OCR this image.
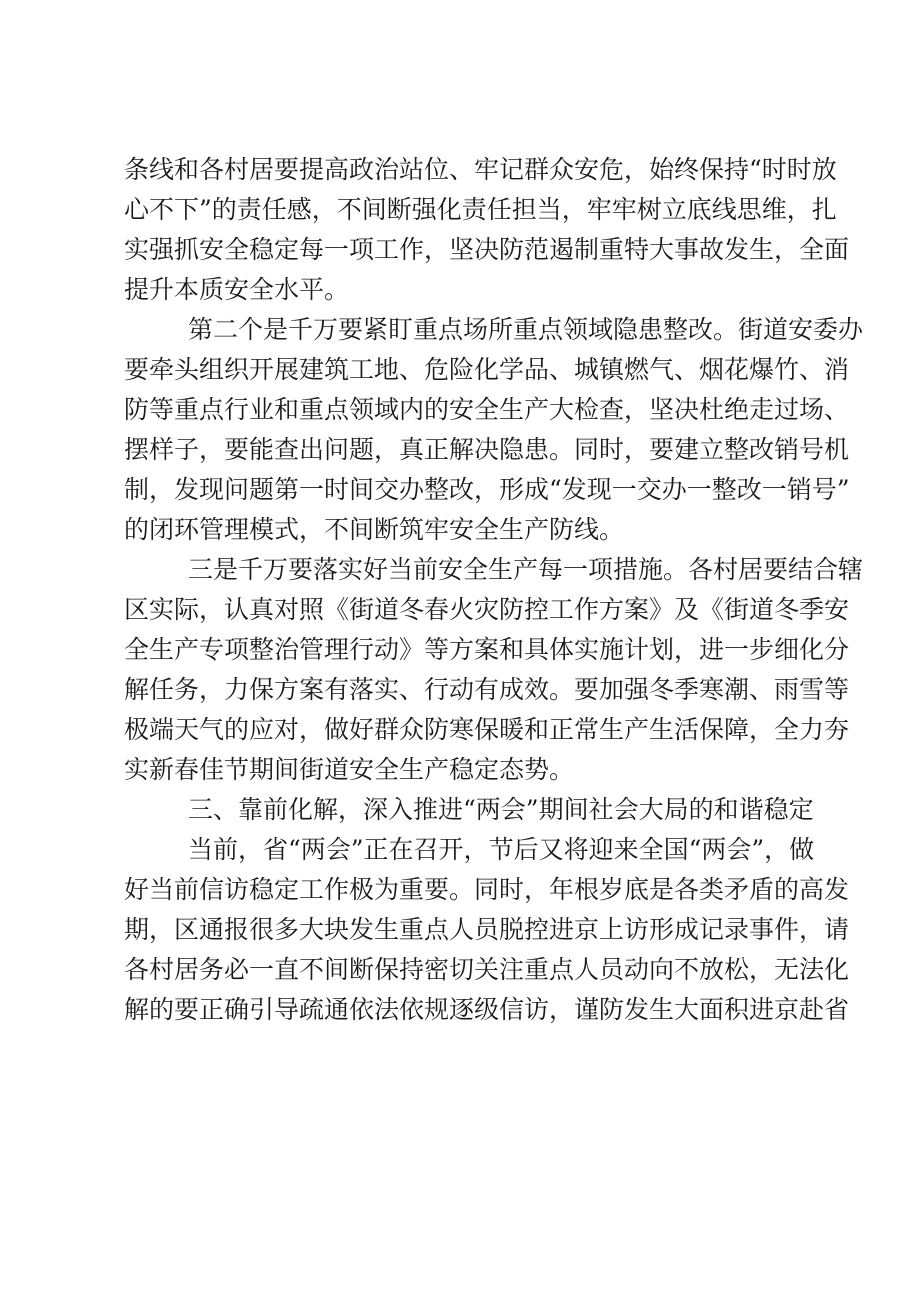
条线和各村居要提高政治站位、牢记群众安危，始终保持“时时放
心不下”的责任感，不间断强化责任担当，牢牢树立底线思维，扎
实强抓安全稳定每一项工作，坚决防范遏制重特大事故发生，全面
提升本质安全水平。
第二个是千万要紧盯重点场所重点领域隐患整改。街道安委办
要牵头组织开展建筑工地、危险化学品、城镇燃气、烟花爆竹、消
防等重点行业和重点领域内的安全生产大检查，坚决杜绝走过场、
摆样子，要能查出问题，真正解决隐患。同时，要建立整改销号机
制，发现问题第一时间交办整改，形成“发现一交办一整改一销号”
的闭环管理模式，不间断筑牢安全生产防线。
三是千万要落实好当前安全生产每一项措施。各村居要结合辖
区实际，认真对照《街道冬春火灾防控工作方案》及《街道冬季安
全生产专项整治管理行动》等方案和具体实施计划，进一步细化分
解任务，力保方案有落实、行动有成效。要加强冬季寒潮、雨雪等
极端天气的应对，做好群众防寒保暖和正常生产生活保障，全力夯
实新春佳节期间街道安全生产稳定态势。
三、靠前化解，深入推进“两会”期间社会大局的和谐稳定
当前，省“两会”正在召开，节后又将迎来全国“两会”，做
好当前信访稳定工作极为重要。同时，年根岁底是各类矛盾的高发
期，区通报很多大块发生重点人员脱控进京上访形成记录事件，请
各村居务必一直不间断保持密切关注重点人员动向不放松，无法化
解的要正确引导疏通依法依规逐级信访，谨防发生大面积进京赴省
